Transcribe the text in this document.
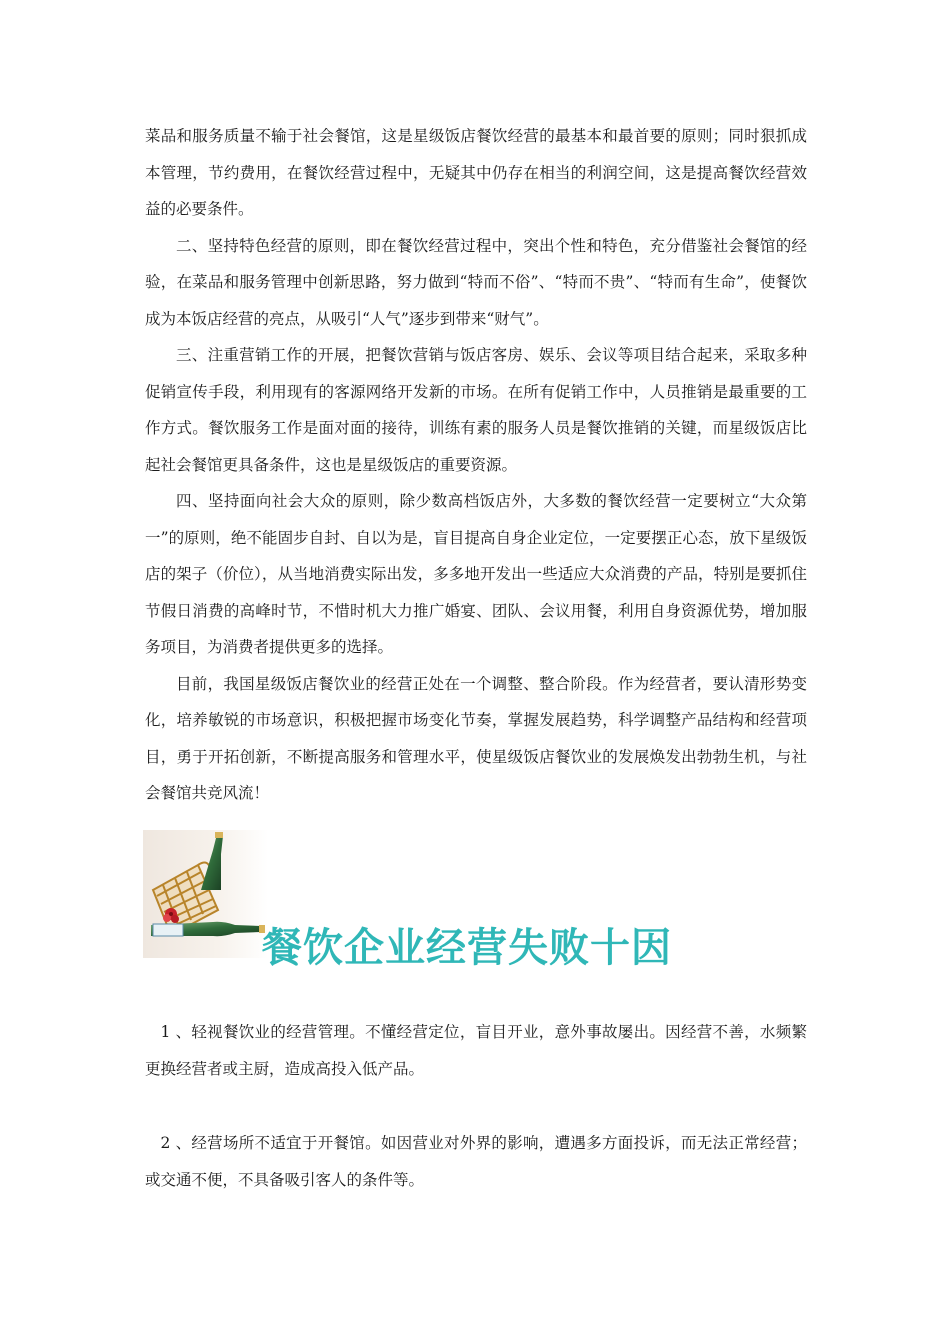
菜品和服务质量不输于社会餐馆，这是星级饭店餐饮经营的最基本和最首要的原则；同时狠抓成本管理，节约费用，在餐饮经营过程中，无疑其中仍存在相当的利润空间，这是提高餐饮经营效益的必要条件。

二、坚持特色经营的原则，即在餐饮经营过程中，突出个性和特色，充分借鉴社会餐馆的经验，在菜品和服务管理中创新思路，努力做到“特而不俗”、“特而不贵”、“特而有生命”，使餐饮成为本饭店经营的亮点，从吸引“人气”逐步到带来“财气”。

三、注重营销工作的开展，把餐饮营销与饭店客房、娱乐、会议等项目结合起来，采取多种促销宣传手段，利用现有的客源网络开发新的市场。在所有促销工作中，人员推销是最重要的工作方式。餐饮服务工作是面对面的接待，训练有素的服务人员是餐饮推销的关键，而星级饭店比起社会餐馆更具备条件，这也是星级饭店的重要资源。

四、坚持面向社会大众的原则，除少数高档饭店外，大多数的餐饮经营一定要树立“大众第一”的原则，绝不能固步自封、自以为是，盲目提高自身企业定位，一定要摆正心态，放下星级饭店的架子（价位），从当地消费实际出发，多多地开发出一些适应大众消费的产品，特别是要抓住节假日消费的高峰时节，不惜时机大力推广婚宴、团队、会议用餐，利用自身资源优势，增加服务项目，为消费者提供更多的选择。

目前，我国星级饭店餐饮业的经营正处在一个调整、整合阶段。作为经营者，要认清形势变化，培养敏锐的市场意识，积极把握市场变化节奏，掌握发展趋势，科学调整产品结构和经营项目，勇于开拓创新，不断提高服务和管理水平，使星级饭店餐饮业的发展焕发出勃勃生机，与社会餐馆共竞风流！

餐饮企业经营失败十因

1 、轻视餐饮业的经营管理。不懂经营定位，盲目开业，意外事故屡出。因经营不善，水频繁更换经营者或主厨，造成高投入低产品。

2 、经营场所不适宜于开餐馆。如因营业对外界的影响，遭遇多方面投诉，而无法正常经营；或交通不便，不具备吸引客人的条件等。
